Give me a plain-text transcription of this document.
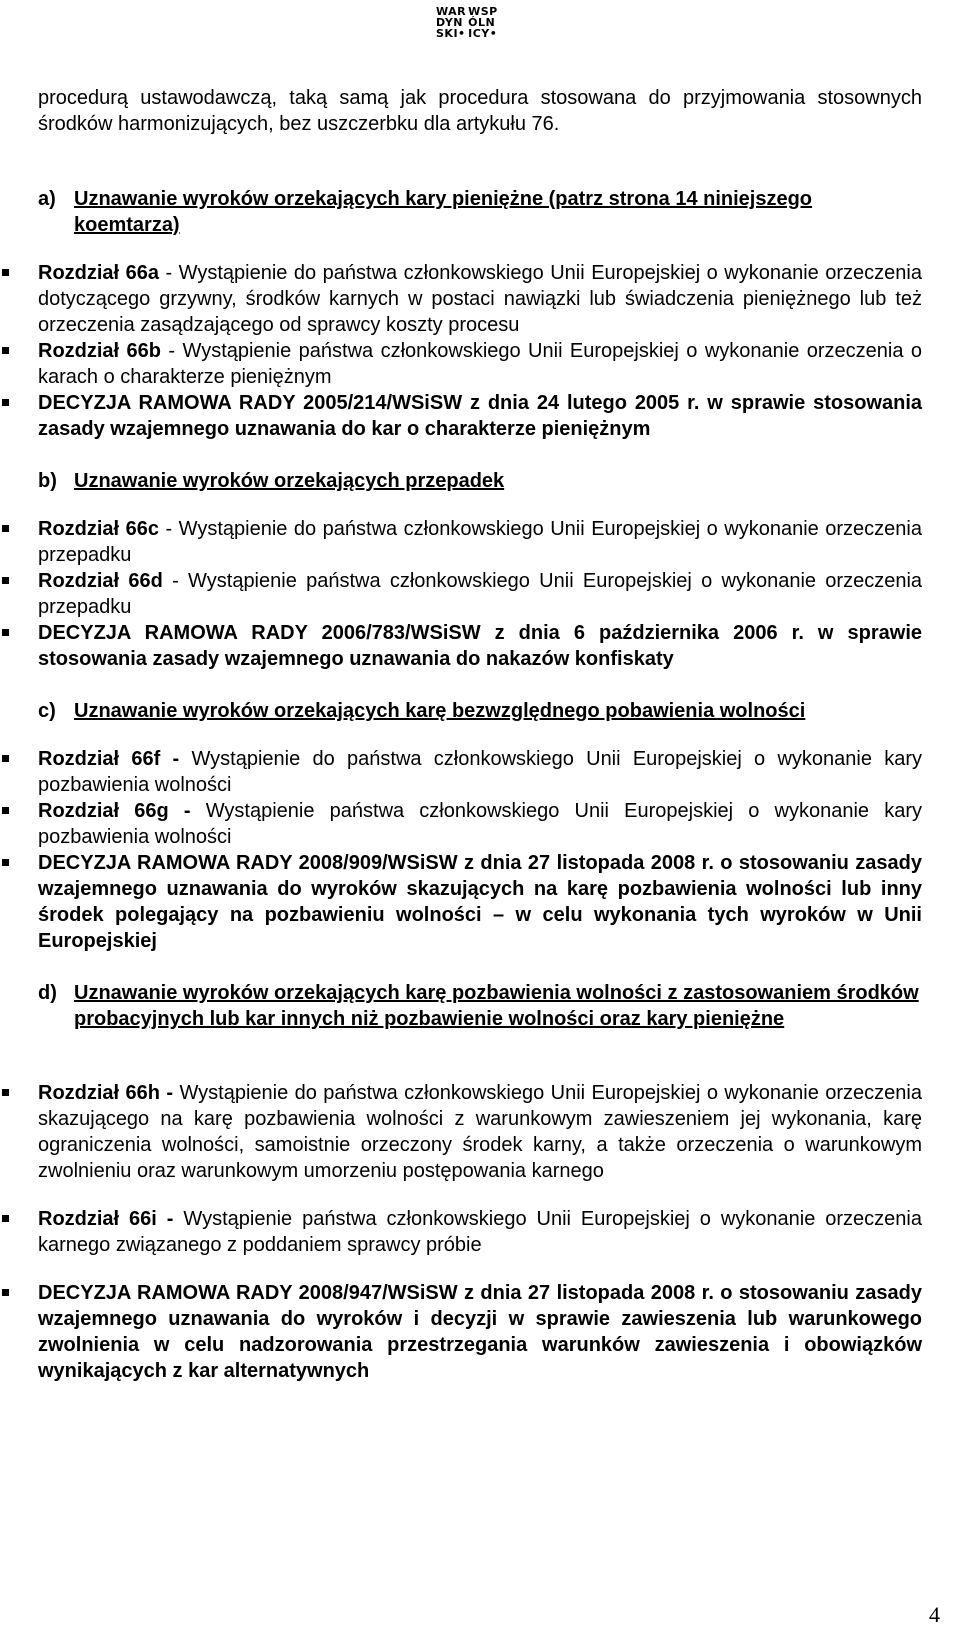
WAR WSP
DYN ÓLN
SKI• ICY•

procedurą ustawodawczą, taką samą jak procedura stosowana do przyjmowania stosownych środków harmonizujących, bez uszczerbku dla artykułu 76.

a) Uznawanie wyroków orzekających kary pieniężne (patrz strona 14 niniejszego koemtarza)
Rozdział 66a - Wystąpienie do państwa członkowskiego Unii Europejskiej o wykonanie orzeczenia dotyczącego grzywny, środków karnych w postaci nawiązki lub świadczenia pieniężnego lub też orzeczenia zasądzającego od sprawcy koszty procesu
Rozdział 66b - Wystąpienie państwa członkowskiego Unii Europejskiej o wykonanie orzeczenia o karach o charakterze pieniężnym
DECYZJA RAMOWA RADY 2005/214/WSiSW z dnia 24 lutego 2005 r. w sprawie stosowania zasady wzajemnego uznawania do kar o charakterze pieniężnym
b) Uznawanie wyroków orzekających przepadek
Rozdział 66c - Wystąpienie do państwa członkowskiego Unii Europejskiej o wykonanie orzeczenia przepadku
Rozdział 66d - Wystąpienie państwa członkowskiego Unii Europejskiej o wykonanie orzeczenia przepadku
DECYZJA RAMOWA RADY 2006/783/WSiSW z dnia 6 października 2006 r. w sprawie stosowania zasady wzajemnego uznawania do nakazów konfiskaty
c) Uznawanie wyroków orzekających karę bezwzględnego pobawienia wolności
Rozdział 66f - Wystąpienie do państwa członkowskiego Unii Europejskiej o wykonanie kary pozbawienia wolności
Rozdział 66g - Wystąpienie państwa członkowskiego Unii Europejskiej o wykonanie kary pozbawienia wolności
DECYZJA RAMOWA RADY 2008/909/WSiSW z dnia 27 listopada 2008 r. o stosowaniu zasady wzajemnego uznawania do wyroków skazujących na karę pozbawienia wolności lub inny środek polegający na pozbawieniu wolności – w celu wykonania tych wyroków w Unii Europejskiej
d) Uznawanie wyroków orzekających karę pozbawienia wolności z zastosowaniem środków probacyjnych lub kar innych niż pozbawienie wolności oraz kary pieniężne
Rozdział 66h - Wystąpienie do państwa członkowskiego Unii Europejskiej o wykonanie orzeczenia skazującego na karę pozbawienia wolności z warunkowym zawieszeniem jej wykonania, karę ograniczenia wolności, samoistnie orzeczony środek karny, a także orzeczenia o warunkowym zwolnieniu oraz warunkowym umorzeniu postępowania karnego
Rozdział 66i - Wystąpienie państwa członkowskiego Unii Europejskiej o wykonanie orzeczenia karnego związanego z poddaniem sprawcy próbie
DECYZJA RAMOWA RADY 2008/947/WSiSW z dnia 27 listopada 2008 r. o stosowaniu zasady wzajemnego uznawania do wyroków i decyzji w sprawie zawieszenia lub warunkowego zwolnienia w celu nadzorowania przestrzegania warunków zawieszenia i obowiązków wynikających z kar alternatywnych
4
